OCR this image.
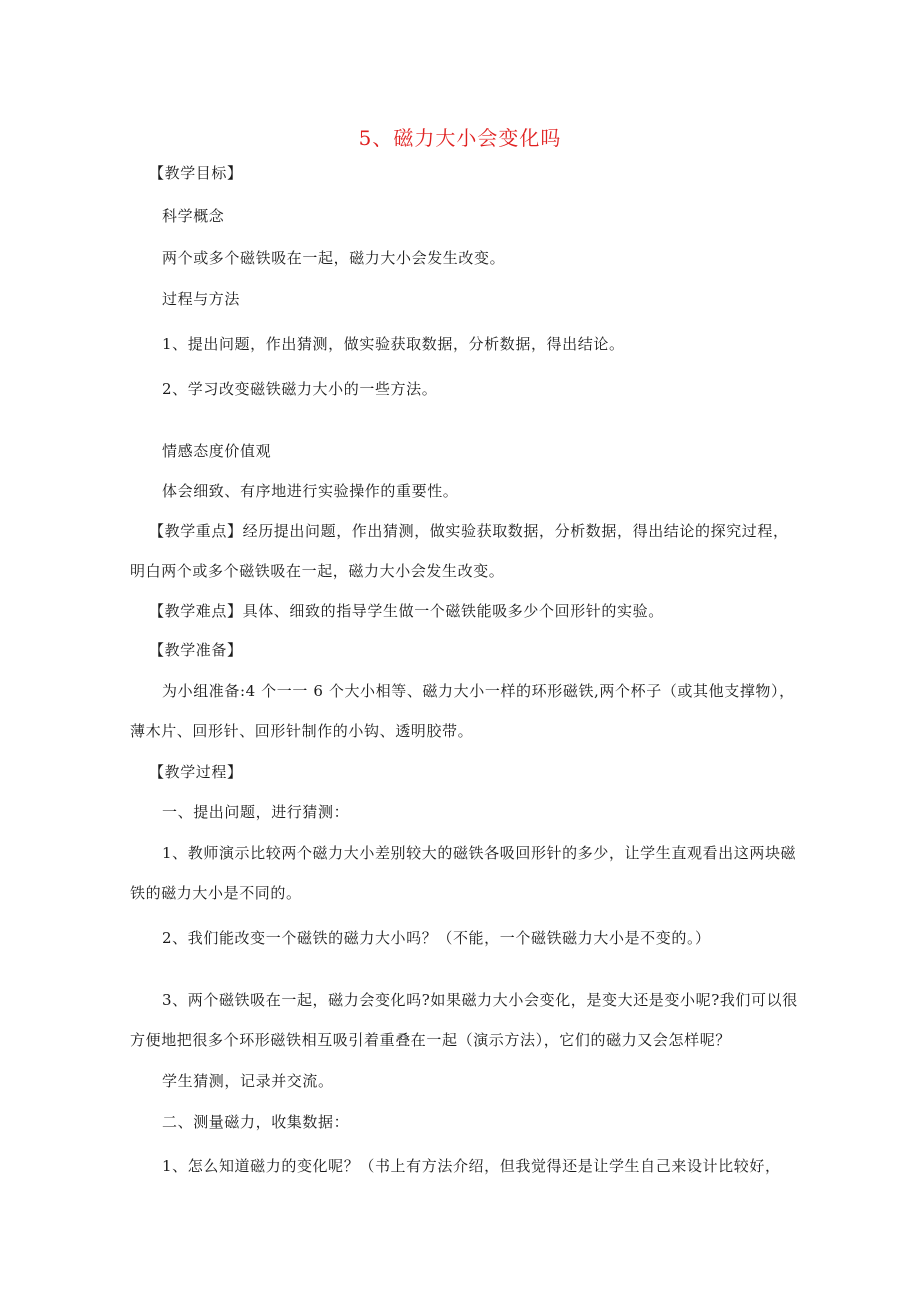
5、磁力大小会变化吗
【教学目标】
科学概念
两个或多个磁铁吸在一起，磁力大小会发生改变。
过程与方法
1、提出问题，作出猜测，做实验获取数据，分析数据，得出结论。
2、学习改变磁铁磁力大小的一些方法。
情感态度价值观
体会细致、有序地进行实验操作的重要性。
【教学重点】经历提出问题，作出猜测，做实验获取数据，分析数据，得出结论的探究过程，
明白两个或多个磁铁吸在一起，磁力大小会发生改变。
【教学难点】具体、细致的指导学生做一个磁铁能吸多少个回形针的实验。
【教学准备】
为小组准备:4 个一一 6 个大小相等、磁力大小一样的环形磁铁,两个杯子（或其他支撑物），
薄木片、回形针、回形针制作的小钩、透明胶带。
【教学过程】
一、提出问题，进行猜测：
1、教师演示比较两个磁力大小差别较大的磁铁各吸回形针的多少，让学生直观看出这两块磁
铁的磁力大小是不同的。
2、我们能改变一个磁铁的磁力大小吗？（不能，一个磁铁磁力大小是不变的。）
3、两个磁铁吸在一起，磁力会变化吗?如果磁力大小会变化，是变大还是变小呢?我们可以很
方便地把很多个环形磁铁相互吸引着重叠在一起（演示方法），它们的磁力又会怎样呢？
学生猜测，记录并交流。
二、测量磁力，收集数据：
1、怎么知道磁力的变化呢？（书上有方法介绍，但我觉得还是让学生自己来设计比较好，
